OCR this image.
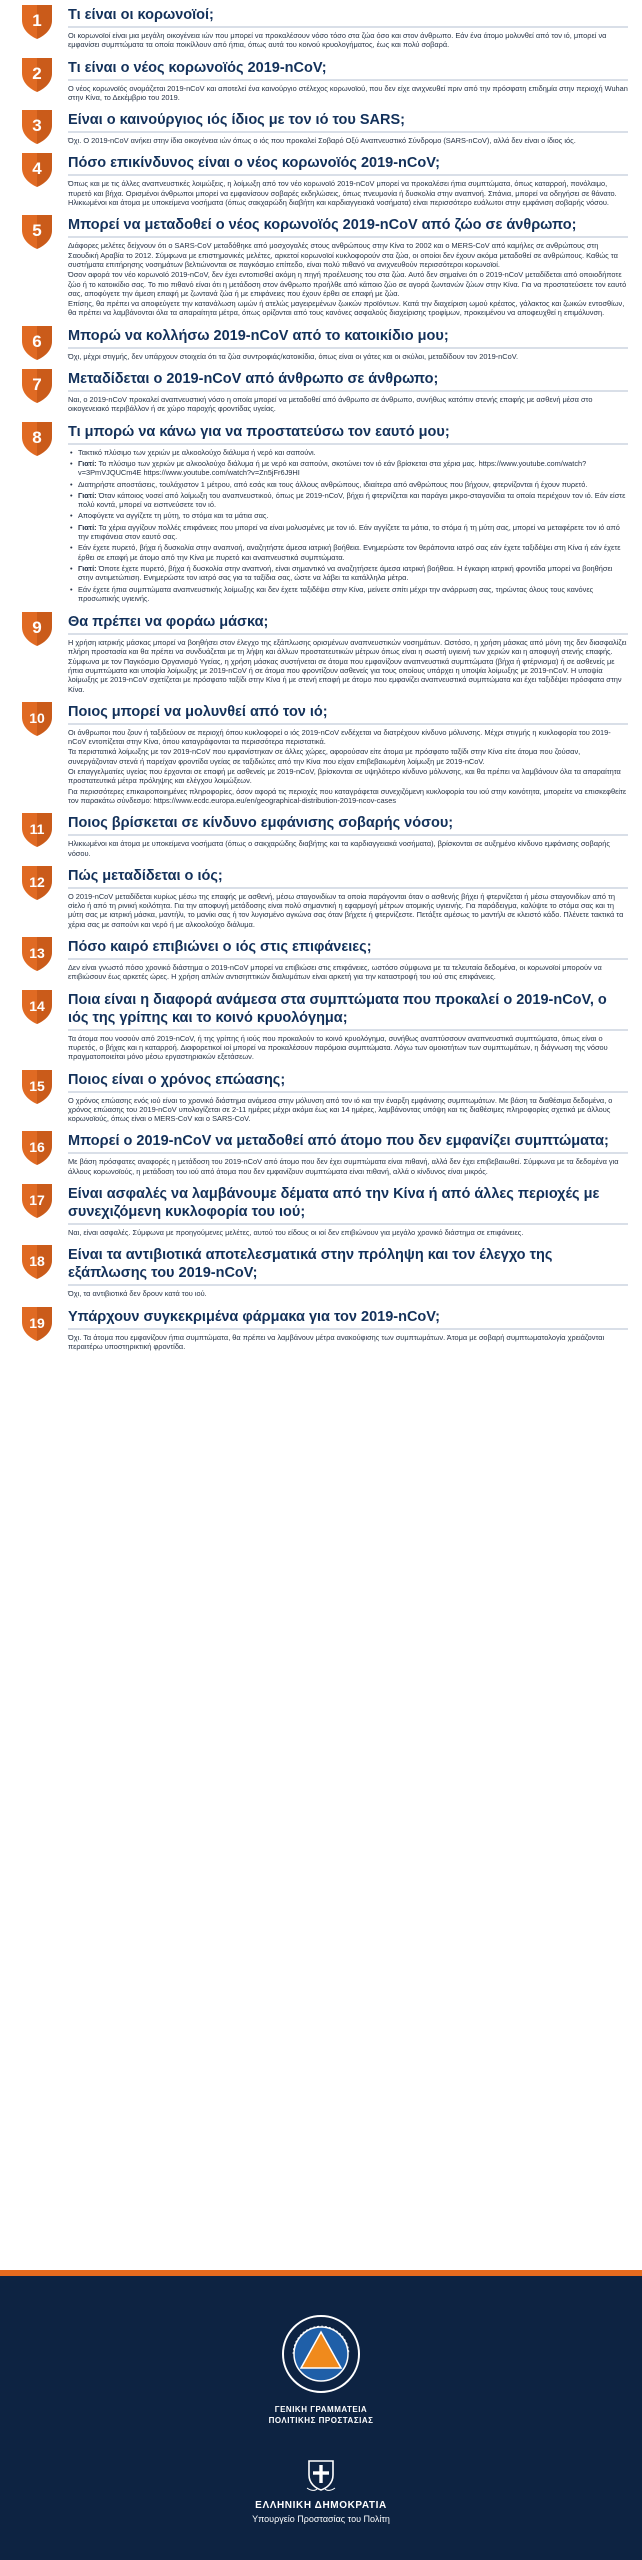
1 Τι είναι οι κορωνοϊοί;

Οι κορωνοϊοί είναι μια μεγάλη οικογένεια ιών που μπορεί να προκαλέσουν νόσο τόσο στα ζώα όσο και στον άνθρωπο. Εάν ένα άτομο μολυνθεί από τον ιό, μπορεί να εμφανίσει συμπτώματα τα οποία ποικίλλουν από ήπια, όπως αυτά του κοινού κρυολογήματος, έως και πολύ σοβαρά.

2 Τι είναι ο νέος κορωνοϊός 2019-nCoV;

Ο νέος κορωνοϊός ονομάζεται 2019-nCoV και αποτελεί ένα καινούργιο στέλεχος κορωνοϊού, που δεν είχε ανιχνευθεί πριν από την πρόσφατη επιδημία στην περιοχή Wuhan στην Κίνα, το Δεκέμβριο του 2019.

3 Είναι ο καινούργιος ιός ίδιος με τον ιό του SARS;

Όχι. Ο 2019-nCoV ανήκει στην ίδια οικογένεια ιών όπως ο ιός που προκαλεί Σοβαρό Οξύ Αναπνευστικό Σύνδρομο (SARS-nCoV), αλλά δεν είναι ο ίδιος ιός.

4 Πόσο επικίνδυνος είναι ο νέος κορωνοϊός 2019-nCoV;

Όπως και με τις άλλες αναπνευστικές λοιμώξεις, η λοίμωξη από τον νέο κορωνοϊό 2019-nCoV μπορεί να προκαλέσει ήπια συμπτώματα, όπως καταρροή, πονόλαιμο, πυρετό και βήχα. Ορισμένοι άνθρωποι μπορεί να εμφανίσουν σοβαρές εκδηλώσεις, όπως πνευμονία ή δυσκολία στην αναπνοή. Σπάνια, μπορεί να οδηγήσει σε θάνατο. Ηλικιωμένοι και άτομα με υποκείμενα νοσήματα (όπως σακχαρώδη διαβήτη και καρδιαγγειακά νοσήματα) είναι περισσότερο ευάλωτοι στην εμφάνιση σοβαρής νόσου.

5 Μπορεί να μεταδοθεί ο νέος κορωνοϊός 2019-nCoV από ζώο σε άνθρωπο;

Διάφορες μελέτες δείχνουν ότι ο SARS-CoV μεταδόθηκε από μοσχογαλές στους ανθρώπους στην Κίνα το 2002 και ο MERS-CoV από καμήλες σε ανθρώπους στη Σαουδική Αραβία το 2012. Σύμφωνα με επιστημονικές μελέτες, αρκετοί κορωνοϊοί κυκλοφορούν στα ζώα, οι οποίοι δεν έχουν ακόμα μεταδοθεί σε ανθρώπους. Καθώς τα συστήματα επιτήρησης νοσημάτων βελτιώνονται σε παγκόσμιο επίπεδο, είναι πολύ πιθανό να ανιχνευθούν περισσότεροι κορωνοϊοί.

Όσον αφορά τον νέο κορωνοϊό 2019-nCoV, δεν έχει εντοπισθεί ακόμη η πηγή προέλευσης του στα ζώα. Αυτό δεν σημαίνει ότι ο 2019-nCoV μεταδίδεται από οποιοδήποτε ζώο ή το κατοικίδιο σας. Το πιο πιθανό είναι ότι η μετάδοση στον άνθρωπο προήλθε από κάποιο ζώο σε αγορά ζωντανών ζώων στην Κίνα. Για να προστατεύσετε τον εαυτό σας, αποφύγετε την άμεση επαφή με ζωντανά ζώα ή με επιφάνειες που έχουν έρθει σε επαφή με ζώα.

Επίσης, θα πρέπει να αποφεύγετε την κατανάλωση ωμών ή ατελώς μαγειρεμένων ζωικών προϊόντων. Κατά την διαχείριση ωμού κρέατος, γάλακτος και ζωικών εντοσθίων, θα πρέπει να λαμβάνονται όλα τα απαραίτητα μέτρα, όπως ορίζονται από τους κανόνες ασφαλούς διαχείρισης τροφίμων, προκειμένου να αποφευχθεί η επιμόλυνση.

6 Μπορώ να κολλήσω 2019-nCoV από το κατοικίδιο μου;

Όχι, μέχρι στιγμής, δεν υπάρχουν στοιχεία ότι τα ζώα συντροφιάς/κατοικίδια, όπως είναι οι γάτες και οι σκύλοι, μεταδίδουν τον 2019-nCoV.

7 Μεταδίδεται ο 2019-nCoV από άνθρωπο σε άνθρωπο;

Ναι, ο 2019-nCoV προκαλεί αναπνευστική νόσο η οποία μπορεί να μεταδοθεί από άνθρωπο σε άνθρωπο, συνήθως κατόπιν στενής επαφής με ασθενή μέσα στο οικογενειακό περιβάλλον ή σε χώρο παροχής φροντίδας υγείας.

8 Τι μπορώ να κάνω για να προστατεύσω τον εαυτό μου;
• Τακτικό πλύσιμο των χεριών με αλκοολούχο διάλυμα ή νερό και σαπούνι.
• Γιατί: Το πλύσιμο των χεριών με αλκοολούχο διάλυμα ή με νερό και σαπούνι, σκοτώνει τον ιό εάν βρίσκεται στα χέρια μας. https://www.youtube.com/watch?v=3PmVJQUCm4E https://www.youtube.com/watch?v=Zn5jFr6J9HI
• Διατηρήστε αποστάσεις, τουλάχιστον 1 μέτρου, από εσάς και τους άλλους ανθρώπους, ιδιαίτερα από ανθρώπους που βήχουν, φτερνίζονται ή έχουν πυρετό.
• Γιατί: Όταν κάποιος νοσεί από λοίμωξη του αναπνευστικού, όπως με 2019-nCoV, βήχει ή φτερνίζεται και παράγει μικρο-σταγονίδια τα οποία περιέχουν τον ιό. Εάν είστε πολύ κοντά, μπορεί να εισπνεύσετε τον ιό.
• Αποφύγετε να αγγίζετε τη μύτη, το στόμα και τα μάτια σας.
• Γιατί: Τα χέρια αγγίζουν πολλές επιφάνειες που μπορεί να είναι μολυσμένες με τον ιό. Εάν αγγίζετε τα μάτια, το στόμα ή τη μύτη σας, μπορεί να μεταφέρετε τον ιό από την επιφάνεια στον εαυτό σας.
• Εάν έχετε πυρετό, βήχα ή δυσκολία στην αναπνοή, αναζητήστε άμεσα ιατρική βοήθεια. Ενημερώστε τον θεράποντα ιατρό σας εάν έχετε ταξιδέψει στη Κίνα ή εάν έχετε έρθει σε επαφή με άτομο από την Κίνα με πυρετό και αναπνευστικά συμπτώματα.
• Γιατί: Όποτε έχετε πυρετό, βήχα ή δυσκολία στην αναπνοή, είναι σημαντικό να αναζητήσετε άμεσα ιατρική βοήθεια. Η έγκαιρη ιατρική φροντίδα μπορεί να βοηθήσει στην αντιμετώπιση. Ενημερώστε τον ιατρό σας για τα ταξίδια σας, ώστε να λάβει τα κατάλληλα μέτρα.
• Εάν έχετε ήπια συμπτώματα αναπνευστικής λοίμωξης και δεν έχετε ταξιδέψει στην Κίνα, μείνετε σπίτι μέχρι την ανάρρωση σας, τηρώντας όλους τους κανόνες προσωπικής υγιεινής.
9 Θα πρέπει να φοράω μάσκα;

Η χρήση ιατρικής μάσκας μπορεί να βοηθήσει στον έλεγχο της εξάπλωσης ορισμένων αναπνευστικών νοσημάτων. Ωστόσο, η χρήση μάσκας από μόνη της δεν διασφαλίζει πλήρη προστασία και θα πρέπει να συνδυάζεται με τη λήψη και άλλων προστατευτικών μέτρων όπως είναι η σωστή υγιεινή των χεριών και η αποφυγή στενής επαφής. Σύμφωνα με τον Παγκόσμιο Οργανισμό Υγείας, η χρήση μάσκας συστήνεται σε άτομα που εμφανίζουν αναπνευστικά συμπτώματα (βήχα ή φτέρνισμα) ή σε ασθενείς με ήπια συμπτώματα και υποψία λοίμωξης με 2019-nCoV ή σε άτομα που φροντίζουν ασθενείς για τους οποίους υπάρχει η υποψία λοίμωξης με 2019-nCoV. Η υποψία λοίμωξης με 2019-nCoV σχετίζεται με πρόσφατο ταξίδι στην Κίνα ή με στενή επαφή με άτομο που εμφανίζει αναπνευστικά συμπτώματα και έχει ταξιδέψει πρόσφατα στην Κίνα.

10 Ποιος μπορεί να μολυνθεί από τον ιό;

Οι άνθρωποι που ζουν ή ταξιδεύουν σε περιοχή όπου κυκλοφορεί ο ιός 2019-nCoV ενδέχεται να διατρέχουν κίνδυνο μόλυνσης. Μέχρι στιγμής η κυκλοφορία του 2019-nCoV εντοπίζεται στην Κίνα, όπου καταγράφονται τα περισσότερα περιστατικά.

Τα περιστατικά λοίμωξης με τον 2019-nCoV που εμφανίστηκαν σε άλλες χώρες, αφορούσαν είτε άτομα με πρόσφατο ταξίδι στην Κίνα είτε άτομα που ζούσαν, συνεργάζονταν στενά ή παρείχαν φροντίδα υγείας σε ταξιδιώτες από την Κίνα που είχαν επιβεβαιωμένη λοίμωξη με 2019-nCoV.

Οι επαγγελματίες υγείας που έρχονται σε επαφή με ασθενείς με 2019-nCoV, βρίσκονται σε υψηλότερο κίνδυνο μόλυνσης, και θα πρέπει να λαμβάνουν όλα τα απαραίτητα προστατευτικά μέτρα πρόληψης και ελέγχου λοιμώξεων.

Για περισσότερες επικαιροποιημένες πληροφορίες, όσον αφορά τις περιοχές που καταγράφεται συνεχιζόμενη κυκλοφορία του ιού στην κοινότητα, μπορείτε να επισκεφθείτε τον παρακάτω σύνδεσμο: https://www.ecdc.europa.eu/en/geographical-distribution-2019-ncov-cases

11 Ποιος βρίσκεται σε κίνδυνο εμφάνισης σοβαρής νόσου;

Ηλικιωμένοι και άτομα με υποκείμενα νοσήματα (όπως ο σακχαρώδης διαβήτης και τα καρδιαγγειακά νοσήματα), βρίσκονται σε αυξημένο κίνδυνο εμφάνισης σοβαρής νόσου.

12 Πώς μεταδίδεται ο ιός;

Ο 2019-nCoV μεταδίδεται κυρίως μέσω της επαφής με ασθενή, μέσω σταγονιδίων τα οποία παράγονται όταν ο ασθενής βήχει ή φτερνίζεται ή μέσω σταγονιδίων από τη σίελο ή από τη ρινική κοιλότητα. Για την αποφυγή μετάδοσης είναι πολύ σημαντική η εφαρμογή μέτρων ατομικής υγιεινής. Για παράδειγμα, καλύψτε το στόμα σας και τη μύτη σας με ιατρική μάσκα, μαντήλι, το μανίκι σας ή τον λυγισμένο αγκώνα σας όταν βήχετε ή φτερνίζεστε. Πετάξτε αμέσως το μαντήλι σε κλειστό κάδο. Πλένετε τακτικά τα χέρια σας με σαπούνι και νερό ή με αλκοολούχο διάλυμα.

13 Πόσο καιρό επιβιώνει ο ιός στις επιφάνειες;

Δεν είναι γνωστό πόσο χρονικό διάστημα ο 2019-nCoV μπορεί να επιβιώσει στις επιφάνειες, ωστόσο σύμφωνα με τα τελευταία δεδομένα, οι κορωνοϊοί μπορούν να επιβιώσουν έως αρκετές ώρες. Η χρήση απλών αντισηπτικών διαλυμάτων είναι αρκετή για την καταστροφή του ιού στις επιφάνειες.

14 Ποια είναι η διαφορά ανάμεσα στα συμπτώματα που προκαλεί ο 2019-nCoV, ο ιός της γρίπης και το κοινό κρυολόγημα;

Τα άτομα που νοσούν από 2019-nCoV, ή της γρίπης ή ιούς που προκαλούν το κοινό κρυολόγημα, συνήθως αναπτύσσουν αναπνευστικά συμπτώματα, όπως είναι ο πυρετός, ο βήχας και η καταρροή. Διαφορετικοί ιοί μπορεί να προκαλέσουν παρόμοια συμπτώματα. Λόγω των ομοιοτήτων των συμπτωμάτων, η διάγνωση της νόσου πραγματοποιείται μόνο μέσω εργαστηριακών εξετάσεων.

15 Ποιος είναι ο χρόνος επώασης;

Ο χρόνος επώασης ενός ιού είναι το χρονικό διάστημα ανάμεσα στην μόλυνση από τον ιό και την έναρξη εμφάνισης συμπτωμάτων. Με βάση τα διαθέσιμα δεδομένα, ο χρόνος επώασης του 2019-nCoV υπολογίζεται σε 2-11 ημέρες μέχρι ακόμα έως και 14 ημέρες, λαμβάνοντας υπόψη και τις διαθέσιμες πληροφορίες σχετικά με άλλους κορωνοϊούς, όπως είναι ο MERS-CoV και ο SARS-CoV.

16 Μπορεί ο 2019-nCoV να μεταδοθεί από άτομο που δεν εμφανίζει συμπτώματα;

Με βάση πρόσφατες αναφορές η μετάδοση του 2019-nCoV από άτομο που δεν έχει συμπτώματα είναι πιθανή, αλλά δεν έχει επιβεβαιωθεί. Σύμφωνα με τα δεδομένα για άλλους κορωνοϊούς, η μετάδοση του ιού από άτομα που δεν εμφανίζουν συμπτώματα είναι πιθανή, αλλά ο κίνδυνος είναι μικρός.

17 Είναι ασφαλές να λαμβάνουμε δέματα από την Κίνα ή από άλλες περιοχές με συνεχιζόμενη κυκλοφορία του ιού;

Ναι, είναι ασφαλές. Σύμφωνα με προηγούμενες μελέτες, αυτού του είδους οι ιοί δεν επιβιώνουν για μεγάλο χρονικό διάστημα σε επιφάνειες.

18 Είναι τα αντιβιοτικά αποτελεσματικά στην πρόληψη και τον έλεγχο της εξάπλωσης του 2019-nCoV;

Όχι, τα αντιβιοτικά δεν δρουν κατά του ιού.

19 Υπάρχουν συγκεκριμένα φάρμακα για τον 2019-nCoV;

Όχι. Τα άτομα που εμφανίζουν ήπια συμπτώματα, θα πρέπει να λαμβάνουν μέτρα ανακούφισης των συμπτωμάτων. Άτομα με σοβαρή συμπτωματολογία χρειάζονται περαιτέρω υποστηρικτική φροντίδα.

ΓΕΝΙΚΗ ΓΡΑΜΜΑΤΕΙΑ
ΠΟΛΙΤΙΚΗΣ ΠΡΟΣΤΑΣΙΑΣ
ΕΛΛΗΝΙΚΗ ΔΗΜΟΚΡΑΤΙΑ
Υπουργείο Προστασίας του Πολίτη
